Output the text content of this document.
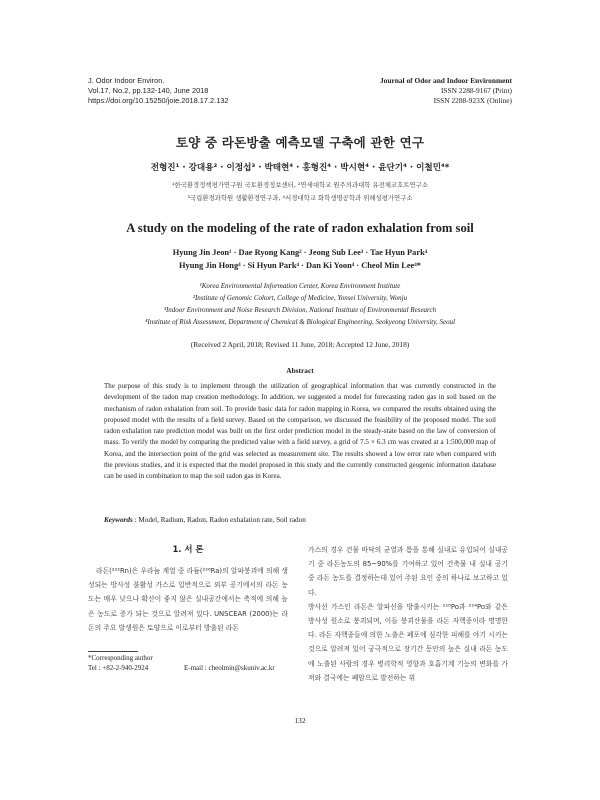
J. Odor Indoor Environ.
Vol.17, No.2, pp.132-140, June 2018
https://doi.org/10.15250/joie.2018.17.2.132
Journal of Odor and Indoor Environment
ISSN 2288-9167 (Print)
ISSN 2288-923X (Online)
토양 중 라돈방출 예측모델 구축에 관한 연구
전형진¹ · 강대용² · 이정섭³ · 박태현⁴ · 홍형진⁴ · 박시현⁴ · 윤단기⁴ · 이철민⁴*
¹한국환경정책평가연구원 국토환경정보센터, ²연세대학교 원주의과대학 유전체코호트연구소
³국립환경과학원 생활환경연구과, ⁴서경대학교 화학생명공학과 위해성평가연구소
A study on the modeling of the rate of radon exhalation from soil
Hyung Jin Jeon¹ · Dae Ryong Kang² · Jeong Sub Lee³ · Tae Hyun Park⁴
Hyung Jin Hong⁴ · Si Hyun Park⁴ · Dan Ki Yoon⁴ · Cheol Min Lee⁴*
¹Korea Environmental Information Center, Korea Environment Institute
²Institute of Genomic Cohort, College of Medicine, Yonsei University, Wonju
³Indoor Environment and Noise Research Division, National Institute of Environmental Research
⁴Institute of Risk Assessment, Department of Chemical & Biological Engineering, Seokyeong University, Seoul
(Received 2 April, 2018; Revised 11 June, 2018; Accepted 12 June, 2018)
Abstract
The purpose of this study is to implement through the utilization of geographical information that was currently constructed in the development of the radon map creation methodology. In addition, we suggested a model for forecasting radon gas in soil based on the mechanism of radon exhalation from soil. To provide basic data for radon mapping in Korea, we compared the results obtained using the proposed model with the results of a field survey. Based on the comparison, we discussed the feasibility of the proposed model. The soil radon exhalation rate prediction model was built on the first order prediction model in the steady-state based on the law of conversion of mass. To verify the model by comparing the predicted value with a field survey, a grid of 7.5 × 6.3 cm was created at a 1:500,000 map of Korea, and the intersection point of the grid was selected as measurement site. The results showed a low error rate when compared with the previous studies, and it is expected that the model proposed in this study and the currently constructed geogenic information database can be used in combination to map the soil radon gas in Korea.
Keywords : Model, Radium, Radon, Radon exhalation rate, Soil radon
1. 서 론
라돈(²²²Rn)은 우라늄 계열 중 라듐(²²⁶Ra)의 알파붕괴에 의해 생성되는 방사성 불활성 가스로 일반적으로 외부 공기에서의 라돈 농도는 매우 낮으나 확산이 좋지 않은 실내공간에서는 축적에 의해 높은 농도로 증가 되는 것으로 알려져 있다. UNSCEAR (2000)는 라돈의 주요 발생원은 토양으로 이로부터 방출된 라돈
가스의 경우 건물 바닥의 균열과 틈을 통해 실내로 유입되어 실내공기 중 라돈농도의 85~90%를 기여하고 있어 건축물 내 실내 공기 중 라돈 농도를 결정하는데 있어 주된 요인 중의 하나로 보고하고 있다.
방사선 가스인 라돈은 알파선을 방출시키는 ²¹⁸Po과 ²¹⁴Po와 같은 방사성 원소로 붕괴되며, 이들 붕괴산물을 라돈 자핵종이라 명명한다. 라돈 자핵종들에 의한 노출은 폐포에 심각한 피해를 야기 시키는 것으로 알려져 있어 궁극적으로 장기간 동안의 높은 실내 라돈 농도에 노출된 사람의 경우 병리학적 영향과 호흡기계 기능의 변화를 가져와 결국에는 폐암으로 발전하는 위
*Corresponding author
Tel : +82-2-940-2924	E-mail : cheolmin@skuniv.ac.kr
132
